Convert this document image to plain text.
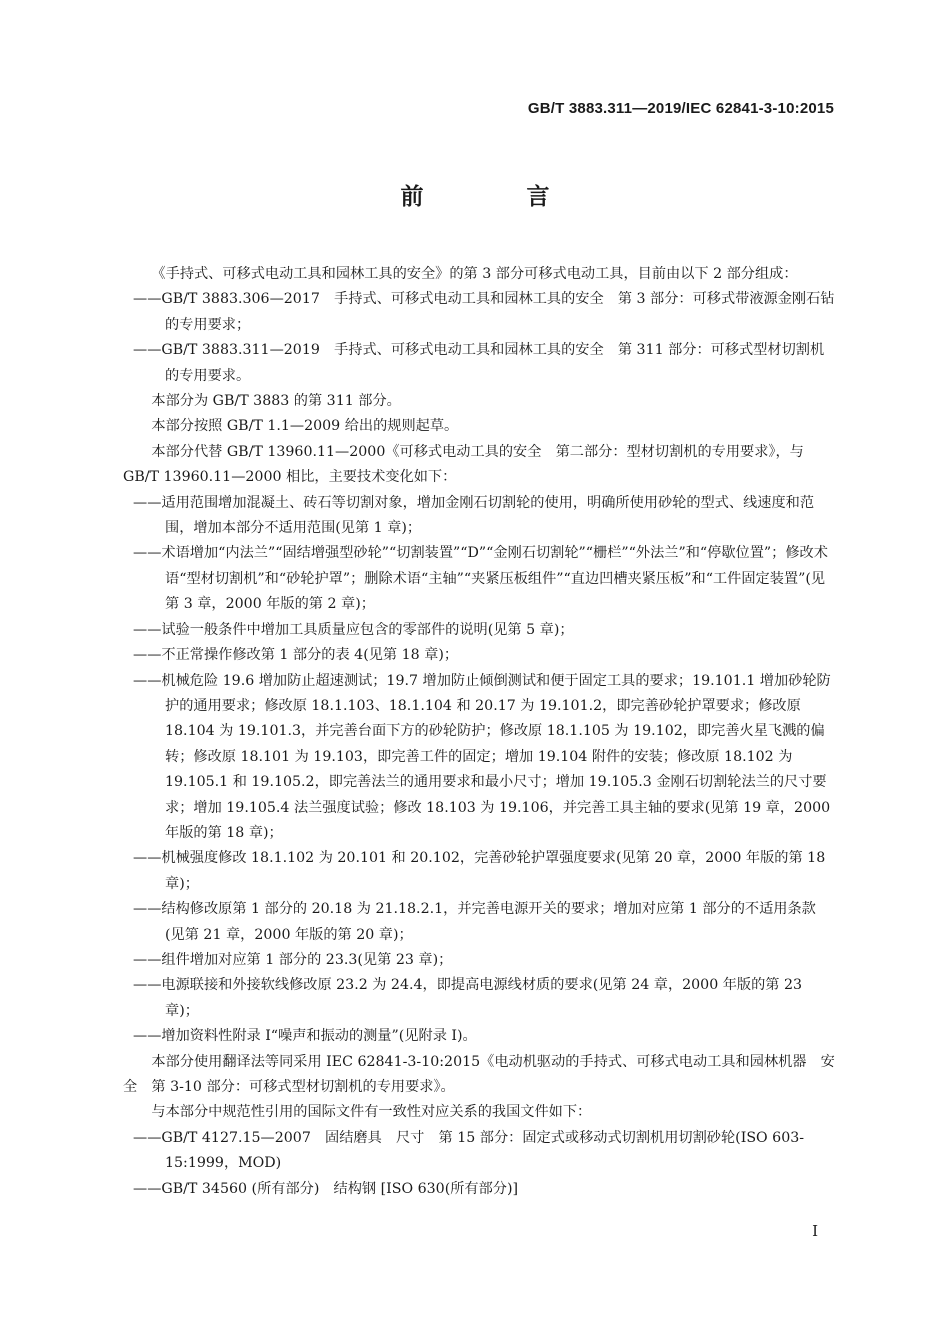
GB/T 3883.311—2019/IEC 62841-3-10:2015
前　言

《手持式、可移式电动工具和园林工具的安全》的第 3 部分可移式电动工具，目前由以下 2 部分组成：

——GB/T 3883.306—2017　手持式、可移式电动工具和园林工具的安全　第 3 部分：可移式带液源金刚石钻的专用要求；

——GB/T 3883.311—2019　手持式、可移式电动工具和园林工具的安全　第 311 部分：可移式型材切割机的专用要求。

本部分为 GB/T 3883 的第 311 部分。

本部分按照 GB/T 1.1—2009 给出的规则起草。

本部分代替 GB/T 13960.11—2000《可移式电动工具的安全　第二部分：型材切割机的专用要求》，与 GB/T 13960.11—2000 相比，主要技术变化如下：

——适用范围增加混凝土、砖石等切割对象，增加金刚石切割轮的使用，明确所使用砂轮的型式、线速度和范围，增加本部分不适用范围(见第 1 章)；

——术语增加“内法兰”“固结增强型砂轮”“切割装置”“D”“金刚石切割轮”“栅栏”“外法兰”和“停歇位置”；修改术语“型材切割机”和“砂轮护罩”；删除术语“主轴”“夹紧压板组件”“直边凹槽夹紧压板”和“工件固定装置”(见第 3 章，2000 年版的第 2 章)；

——试验一般条件中增加工具质量应包含的零部件的说明(见第 5 章)；

——不正常操作修改第 1 部分的表 4(见第 18 章)；

——机械危险 19.6 增加防止超速测试；19.7 增加防止倾倒测试和便于固定工具的要求；19.101.1 增加砂轮防护的通用要求；修改原 18.1.103、18.1.104 和 20.17 为 19.101.2，即完善砂轮护罩要求；修改原 18.104 为 19.101.3，并完善台面下方的砂轮防护；修改原 18.1.105 为 19.102，即完善火星飞溅的偏转；修改原 18.101 为 19.103，即完善工件的固定；增加 19.104 附件的安装；修改原 18.102 为 19.105.1 和 19.105.2，即完善法兰的通用要求和最小尺寸；增加 19.105.3 金刚石切割轮法兰的尺寸要求；增加 19.105.4 法兰强度试验；修改 18.103 为 19.106，并完善工具主轴的要求(见第 19 章，2000 年版的第 18 章)；

——机械强度修改 18.1.102 为 20.101 和 20.102，完善砂轮护罩强度要求(见第 20 章，2000 年版的第 18 章)；

——结构修改原第 1 部分的 20.18 为 21.18.2.1，并完善电源开关的要求；增加对应第 1 部分的不适用条款(见第 21 章，2000 年版的第 20 章)；

——组件增加对应第 1 部分的 23.3(见第 23 章)；

——电源联接和外接软线修改原 23.2 为 24.4，即提高电源线材质的要求(见第 24 章，2000 年版的第 23 章)；

——增加资料性附录 I“噪声和振动的测量”(见附录 I)。

本部分使用翻译法等同采用 IEC 62841-3-10:2015《电动机驱动的手持式、可移式电动工具和园林机器　安全　第 3-10 部分：可移式型材切割机的专用要求》。

与本部分中规范性引用的国际文件有一致性对应关系的我国文件如下：

——GB/T 4127.15—2007　固结磨具　尺寸　第 15 部分：固定式或移动式切割机用切割砂轮(ISO 603-15:1999，MOD)

——GB/T 34560 (所有部分)　结构钢 [ISO 630(所有部分)]

I
